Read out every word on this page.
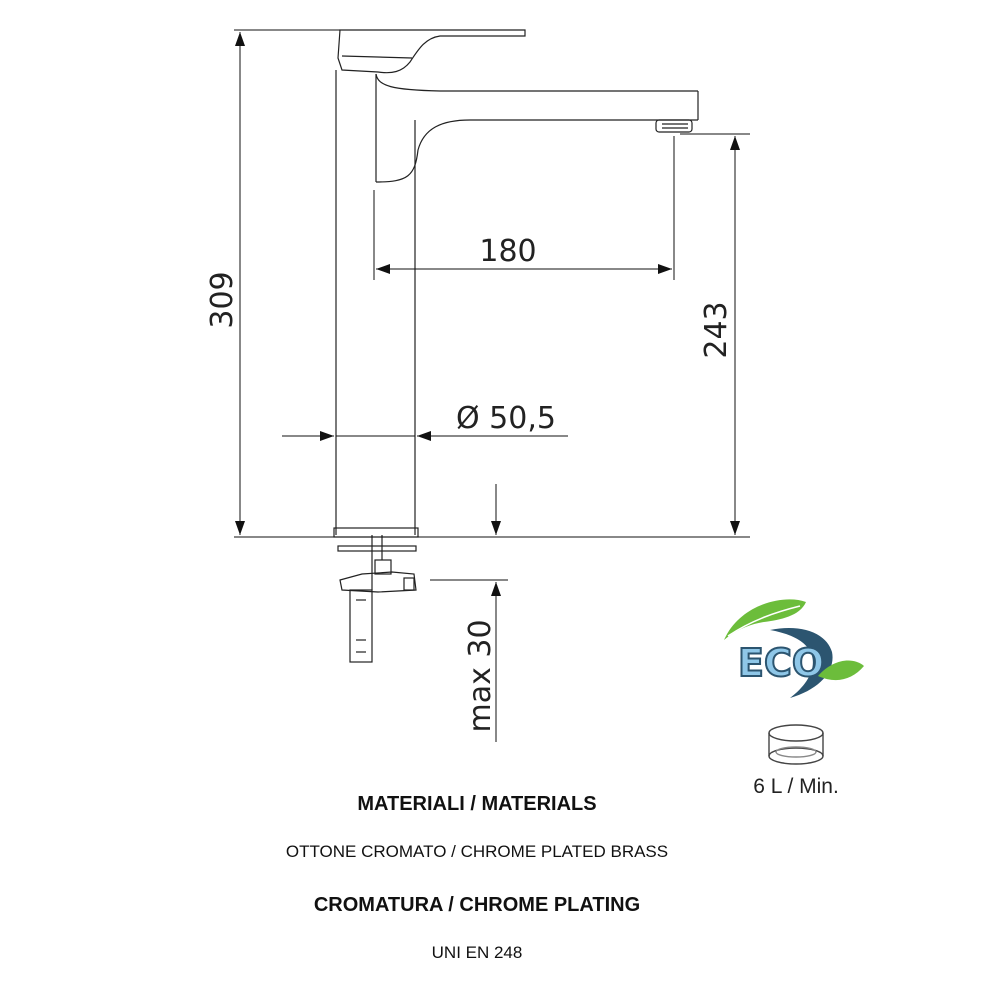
309
243
180
Ø 50,5
max 30	ECO
6 L / Min.

MATERIALI / MATERIALS

OTTONE CROMATO / CHROME PLATED BRASS

CROMATURA / CHROME PLATING

UNI EN 248
